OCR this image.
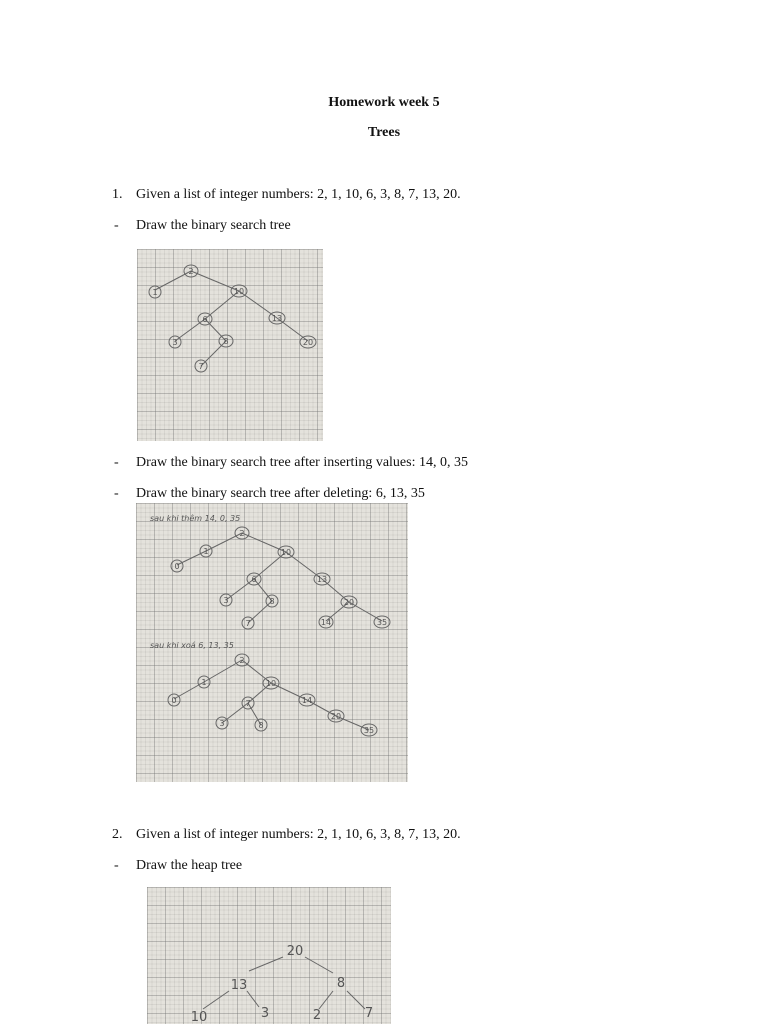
Homework week 5
Trees
1. Given a list of integer numbers: 2, 1, 10, 6, 3, 8, 7, 13, 20.
-	Draw the binary search tree
2
1	10
6	13
3	8	20
7
-	Draw the binary search tree after inserting values: 14, 0, 35
-	Draw the binary search tree after deleting: 6, 13, 35
sau khi thêm 14, 0, 35
sau khi xoá 6, 13, 35
2
1	10
0
6	13
3	8	20
7	14	35
2
1	10
0	7	14
3	8
20
35
2. Given a list of integer numbers: 2, 1, 10, 6, 3, 8, 7, 13, 20.
-	Draw the heap tree
20
13	8
10	3	2	7
